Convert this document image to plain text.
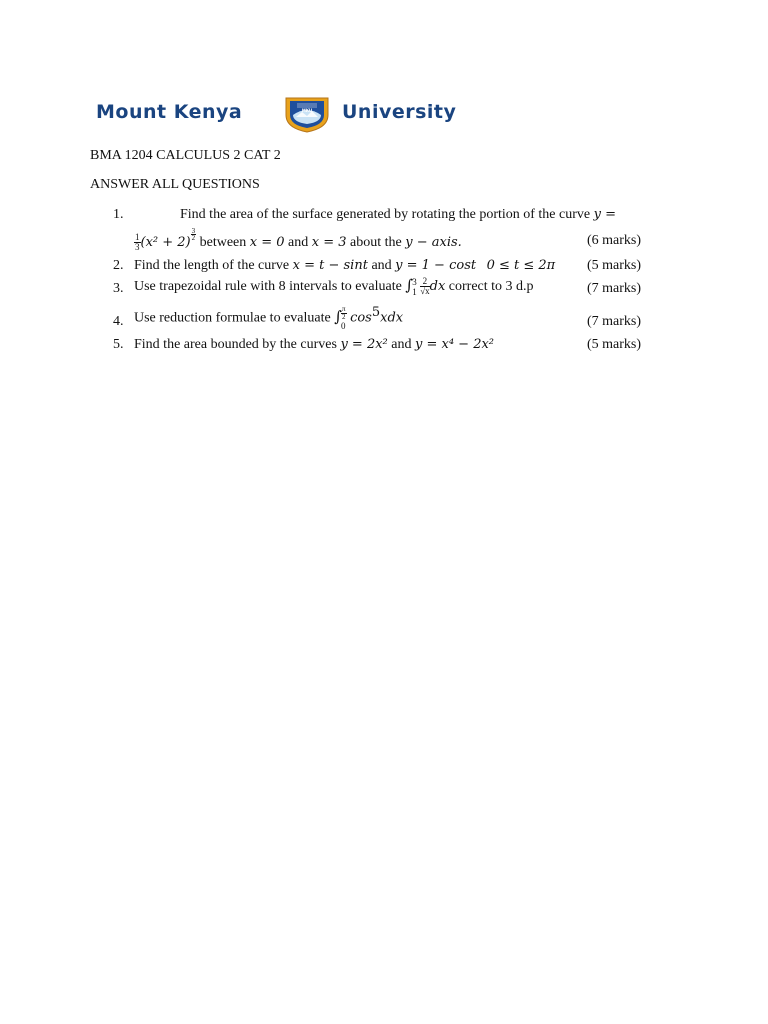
Mount Kenya	MKU	University
BMA 1204 CALCULUS 2 CAT 2
ANSWER ALL QUESTIONS
1.	Find the area of the surface generated by rotating the portion of the curve y =
$\frac{1}{3} (x^2 + 2)$
$\frac{3}{2}$
between x = 0 and x = 3 about the y − axis.	(6 marks)
2. Find the length of the curve x = t − sint and y = 1 − cost 0 ≤ t ≤ 2π (5 marks)
3. Use trapezoidal rule with 8 intervals to evaluate ∫ 3
1
$\frac{2}{√x}$ dx correct to 3 d.p	(7 marks)
4. Use reduction formulae to evaluate ∫ π
2
0
$\cos^5xdx$	(7 marks)
5. Find the area bounded by the curves y = 2x² and y = x⁴ − 2x²	(5 marks)
